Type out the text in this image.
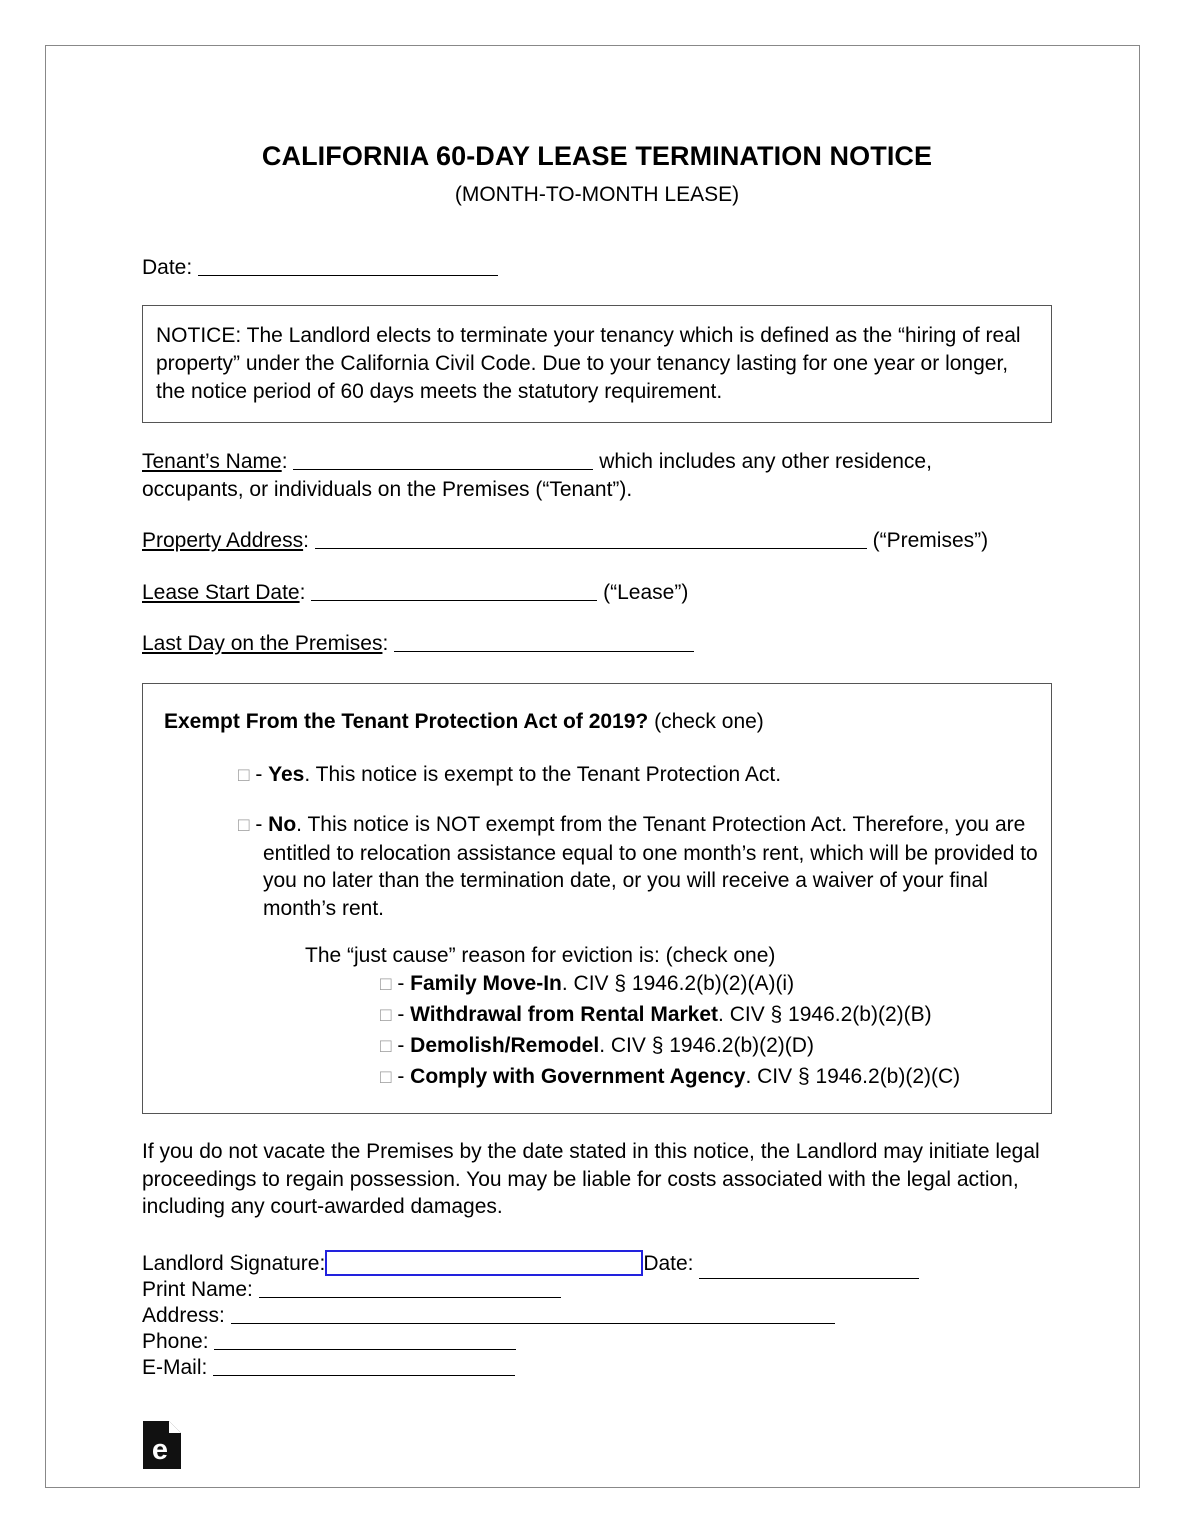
CALIFORNIA 60-DAY LEASE TERMINATION NOTICE
(MONTH-TO-MONTH LEASE)
Date:

NOTICE: The Landlord elects to terminate your tenancy which is defined as the “hiring of real property” under the California Civil Code. Due to your tenancy lasting for one year or longer, the notice period of 60 days meets the statutory requirement.

Tenant’s Name:	which includes any other residence,
occupants, or individuals on the Premises (“Tenant”).
Property Address:	(“Premises”)
Lease Start Date:	(“Lease”)
Last Day on the Premises:
Exempt From the Tenant Protection Act of 2019? (check one)
□ - Yes. This notice is exempt to the Tenant Protection Act.
□ - No. This notice is NOT exempt from the Tenant Protection Act. Therefore, you are entitled to relocation assistance equal to one month’s rent, which will be provided to you no later than the termination date, or you will receive a waiver of your final month’s rent.
The “just cause” reason for eviction is: (check one)
□ - Family Move-In. CIV § 1946.2(b)(2)(A)(i)
□ - Withdrawal from Rental Market. CIV § 1946.2(b)(2)(B)
□ - Demolish/Remodel. CIV § 1946.2(b)(2)(D)
□ - Comply with Government Agency. CIV § 1946.2(b)(2)(C)

If you do not vacate the Premises by the date stated in this notice, the Landlord may initiate legal proceedings to regain possession. You may be liable for costs associated with the legal action, including any court-awarded damages.

Landlord Signature:	Date:

Print Name:
Address:
Phone:
E-Mail:
e
